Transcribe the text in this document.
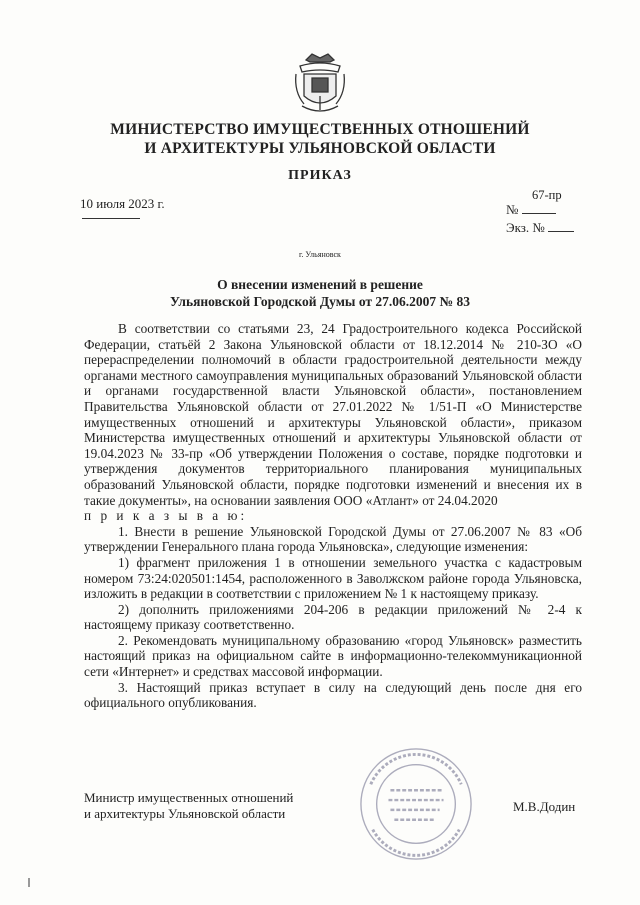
МИНИСТЕРСТВО ИМУЩЕСТВЕННЫХ ОТНОШЕНИЙ
И АРХИТЕКТУРЫ УЛЬЯНОВСКОЙ ОБЛАСТИ
ПРИКАЗ
10 июля 2023 г.
67-пр
№
Экз. №
г. Ульяновск
О внесении изменений в решение
Ульяновской Городской Думы от 27.06.2007 № 83

В соответствии со статьями 23, 24 Градостроительного кодекса Российской Федерации, статьёй 2 Закона Ульяновской области от 18.12.2014 № 210-ЗО «О перераспределении полномочий в области градостроительной деятельности между органами местного самоуправления муниципальных образований Ульяновской области и органами государственной власти Ульяновской области», постановлением Правительства Ульяновской области от 27.01.2022 № 1/51-П «О Министерстве имущественных отношений и архитектуры Ульяновской области», приказом Министерства имущественных отношений и архитектуры Ульяновской области от 19.04.2023 № 33-пр «Об утверждении Положения о составе, порядке подготовки и утверждения документов территориального планирования муниципальных образований Ульяновской области, порядке подготовки изменений и внесения их в такие документы», на основании заявления ООО «Атлант» от 24.04.2020

п р и к а з ы в а ю:

1. Внести в решение Ульяновской Городской Думы от 27.06.2007 № 83 «Об утверждении Генерального плана города Ульяновска», следующие изменения:

1) фрагмент приложения 1 в отношении земельного участка с кадастровым номером 73:24:020501:1454, расположенного в Заволжском районе города Ульяновска, изложить в редакции в соответствии с приложением № 1 к настоящему приказу.

2) дополнить приложениями 204-206 в редакции приложений № 2-4 к настоящему приказу соответственно.

2. Рекомендовать муниципальному образованию «город Ульяновск» разместить настоящий приказ на официальном сайте в информационно-телекоммуникационной сети «Интернет» и средствах массовой информации.

3. Настоящий приказ вступает в силу на следующий день после дня его официального опубликования.

Министр имущественных отношений
и архитектуры Ульяновской области	М.В.Додин
